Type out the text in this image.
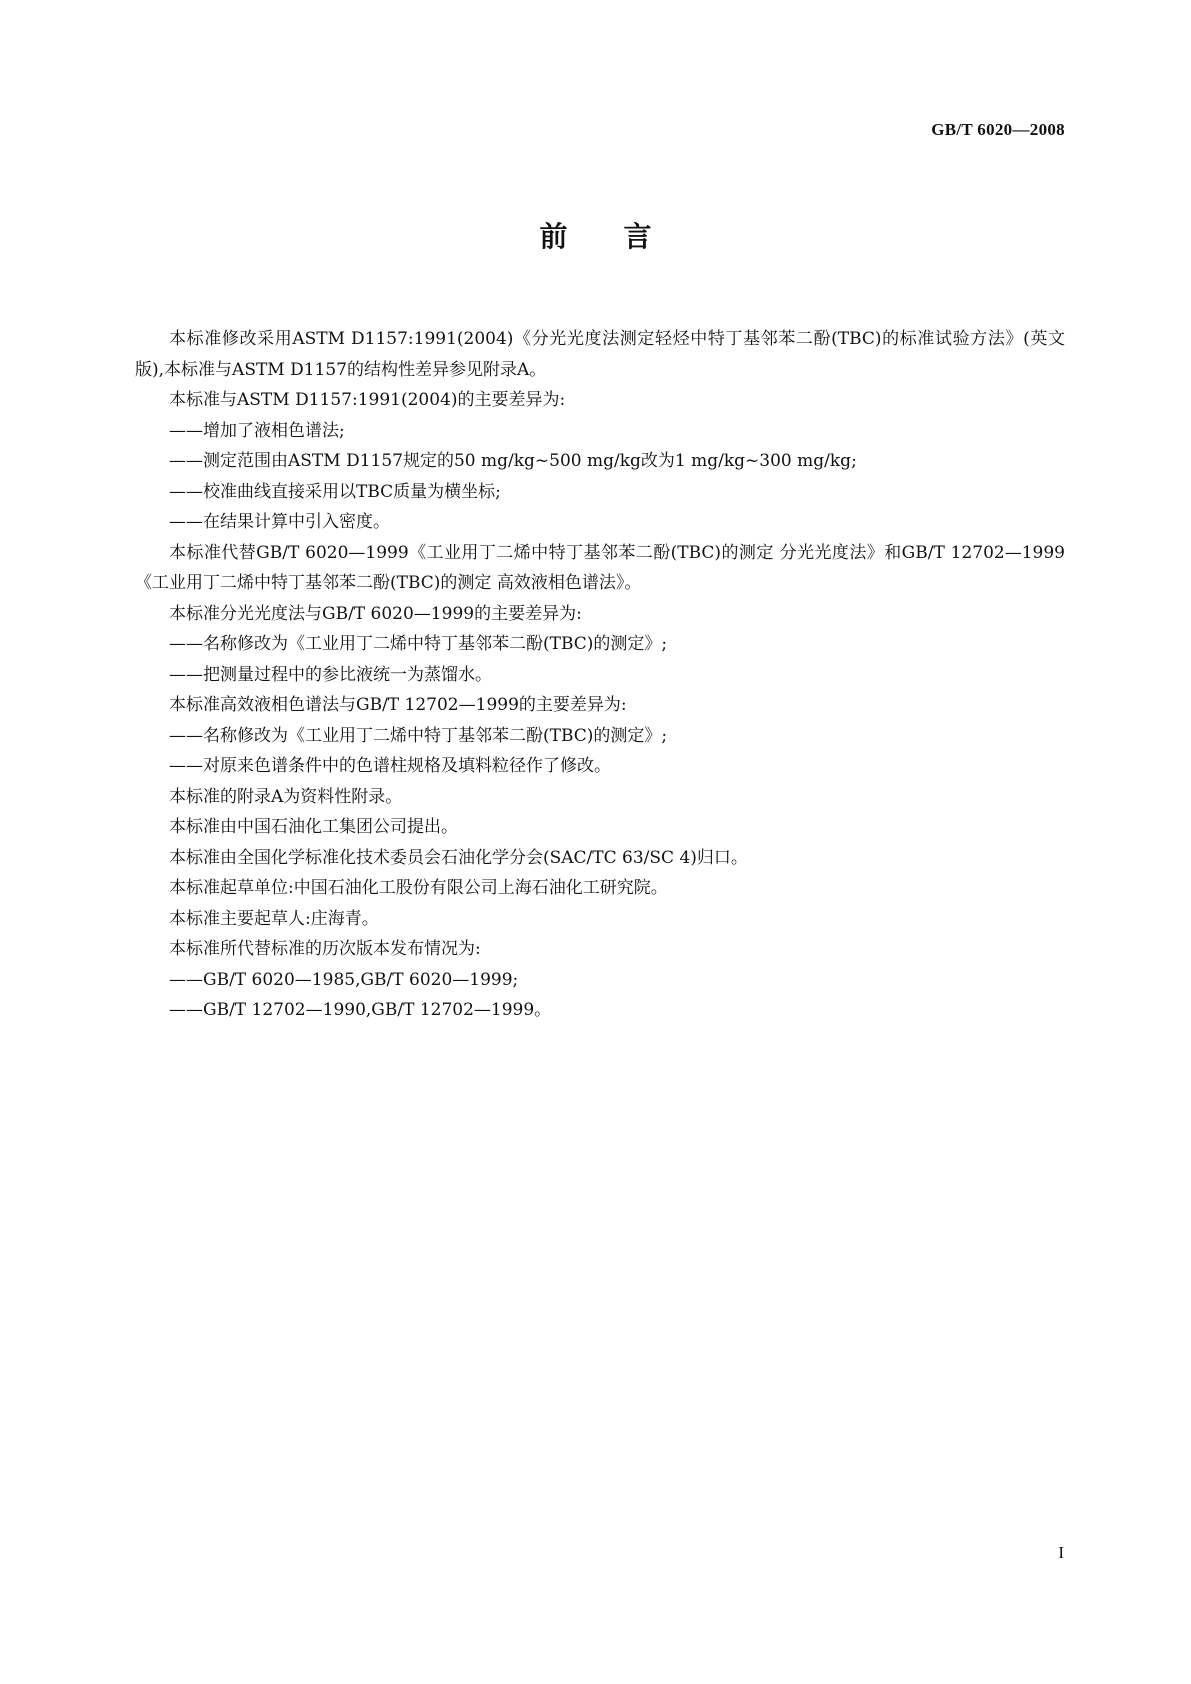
GB/T 6020—2008
前言

本标准修改采用ASTM D1157:1991(2004)《分光光度法测定轻烃中特丁基邻苯二酚(TBC)的标准试验方法》(英文版),本标准与ASTM D1157的结构性差异参见附录A。

本标准与ASTM D1157:1991(2004)的主要差异为:

——增加了液相色谱法;

——测定范围由ASTM D1157规定的50 mg/kg~500 mg/kg改为1 mg/kg~300 mg/kg;

——校准曲线直接采用以TBC质量为横坐标;

——在结果计算中引入密度。

本标准代替GB/T 6020—1999《工业用丁二烯中特丁基邻苯二酚(TBC)的测定 分光光度法》和GB/T 12702—1999《工业用丁二烯中特丁基邻苯二酚(TBC)的测定 高效液相色谱法》。

本标准分光光度法与GB/T 6020—1999的主要差异为:

——名称修改为《工业用丁二烯中特丁基邻苯二酚(TBC)的测定》;

——把测量过程中的参比液统一为蒸馏水。

本标准高效液相色谱法与GB/T 12702—1999的主要差异为:

——名称修改为《工业用丁二烯中特丁基邻苯二酚(TBC)的测定》;

——对原来色谱条件中的色谱柱规格及填料粒径作了修改。

本标准的附录A为资料性附录。

本标准由中国石油化工集团公司提出。

本标准由全国化学标准化技术委员会石油化学分会(SAC/TC 63/SC 4)归口。

本标准起草单位:中国石油化工股份有限公司上海石油化工研究院。

本标准主要起草人:庄海青。

本标准所代替标准的历次版本发布情况为:

——GB/T 6020—1985,GB/T 6020—1999;

——GB/T 12702—1990,GB/T 12702—1999。

I
